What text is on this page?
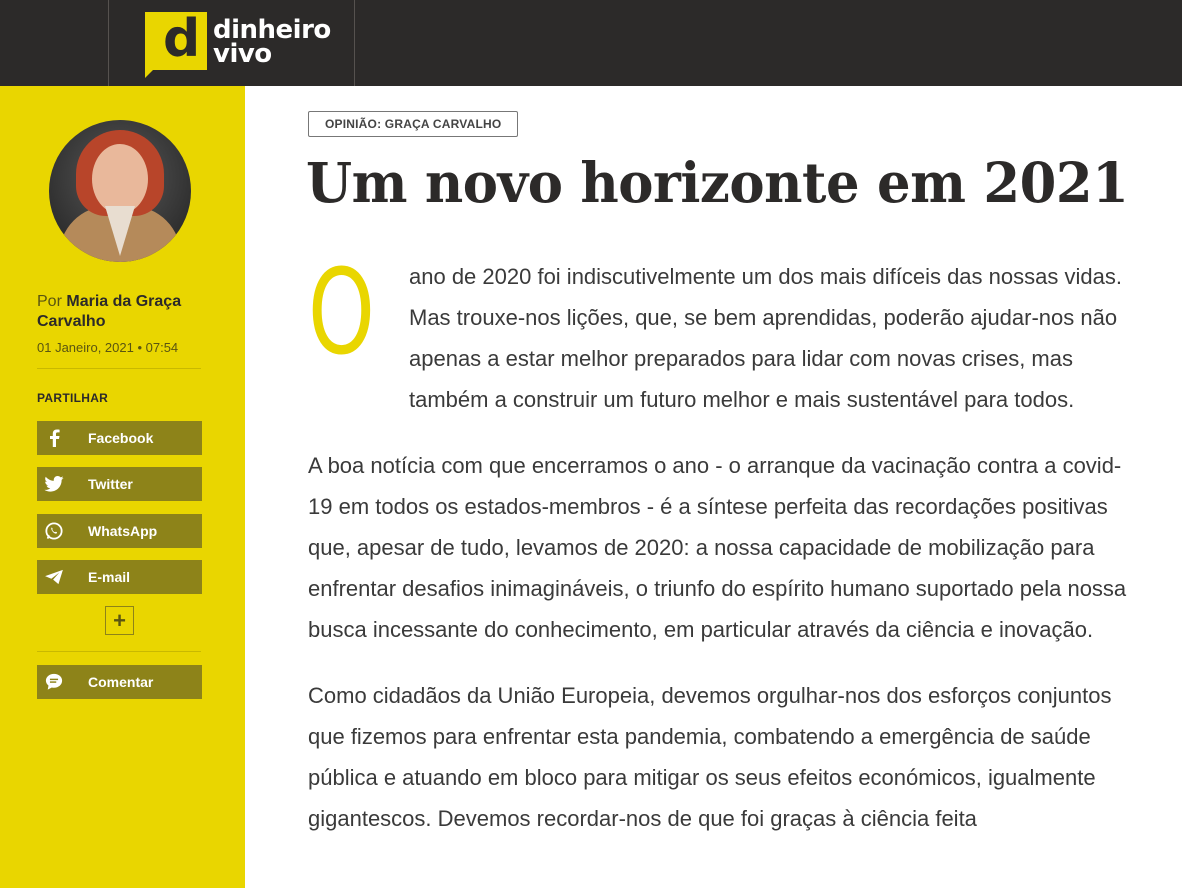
d dinheiro
vivo
Por Maria da Graça Carvalho
01 Janeiro, 2021 • 07:54
PARTILHAR
Facebook
Twitter
WhatsApp
E-mail
+
Comentar
OPINIÃO: GRAÇA CARVALHO
Um novo horizonte em 2021

O	ano de 2020 foi indiscutivelmente um dos mais difíceis das nossas vidas. Mas trouxe-nos lições, que, se bem aprendidas, poderão ajudar-nos não apenas a estar melhor preparados para lidar com novas crises, mas também a construir um futuro melhor e mais sustentável para todos.

A boa notícia com que encerramos o ano - o arranque da vacinação contra a covid-19 em todos os estados-membros - é a síntese perfeita das recordações positivas que, apesar de tudo, levamos de 2020: a nossa capacidade de mobilização para enfrentar desafios inimagináveis, o triunfo do espírito humano suportado pela nossa busca incessante do conhecimento, em particular através da ciência e inovação.

Como cidadãos da União Europeia, devemos orgulhar-nos dos esforços conjuntos que fizemos para enfrentar esta pandemia, combatendo a emergência de saúde pública e atuando em bloco para mitigar os seus efeitos económicos, igualmente gigantescos. Devemos recordar-nos de que foi graças à ciência feita
